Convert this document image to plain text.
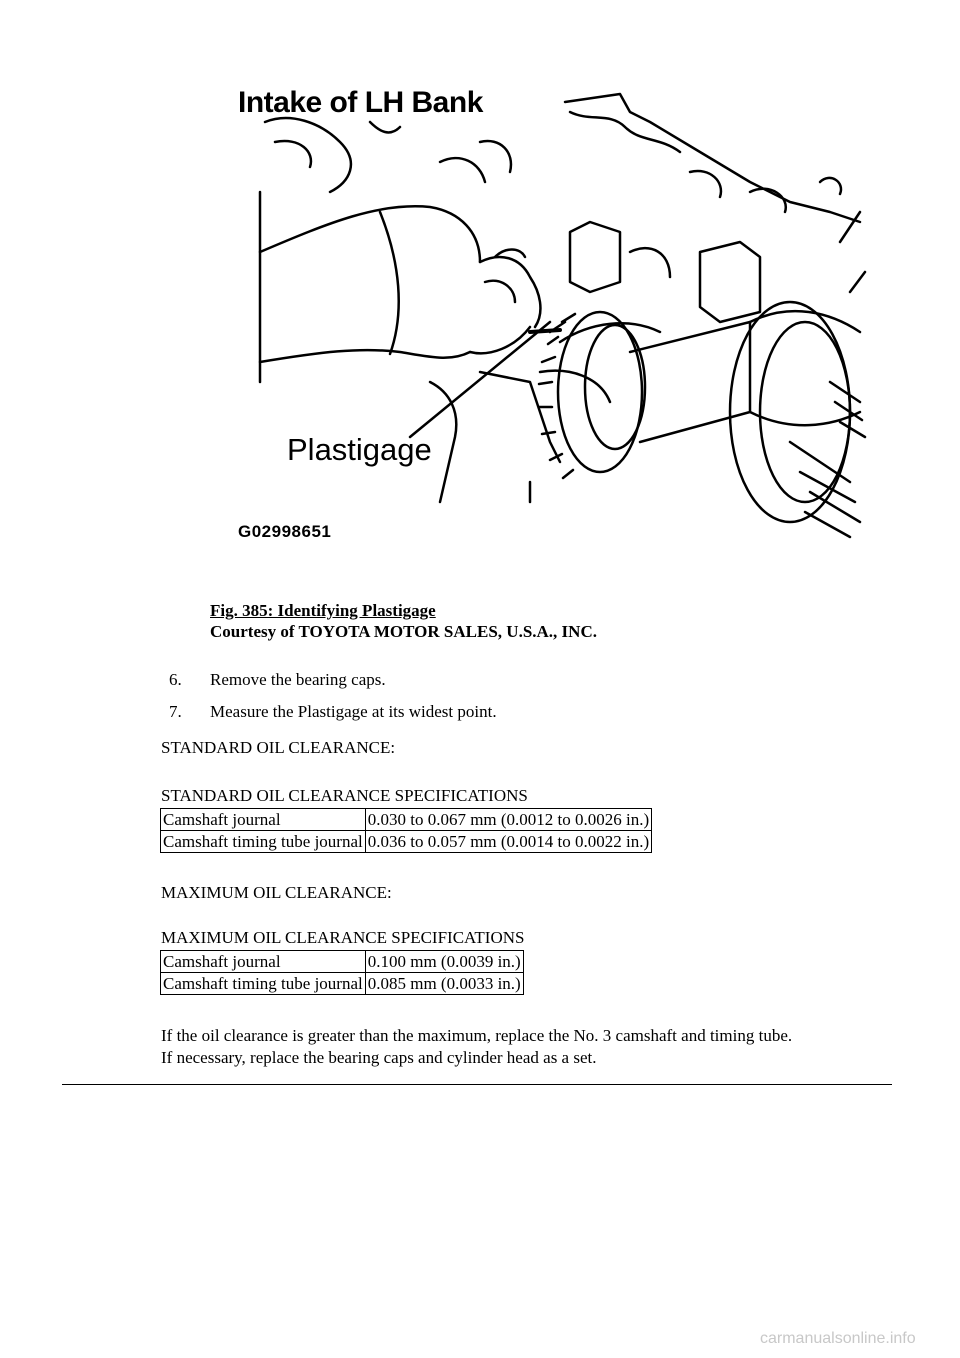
Intake of LH Bank
Plastigage
G02998651
Fig. 385: Identifying Plastigage
Courtesy of TOYOTA MOTOR SALES, U.S.A., INC.
6.	Remove the bearing caps.
7.	Measure the Plastigage at its widest point.
STANDARD OIL CLEARANCE:
STANDARD OIL CLEARANCE SPECIFICATIONS
Camshaft journal	0.030 to 0.067 mm (0.0012 to 0.0026 in.)
Camshaft timing tube journal	0.036 to 0.057 mm (0.0014 to 0.0022 in.)
MAXIMUM OIL CLEARANCE:
MAXIMUM OIL CLEARANCE SPECIFICATIONS
Camshaft journal	0.100 mm (0.0039 in.)
Camshaft timing tube journal	0.085 mm (0.0033 in.)
If the oil clearance is greater than the maximum, replace the No. 3 camshaft and timing tube.
If necessary, replace the bearing caps and cylinder head as a set.
carmanualsonline.info
